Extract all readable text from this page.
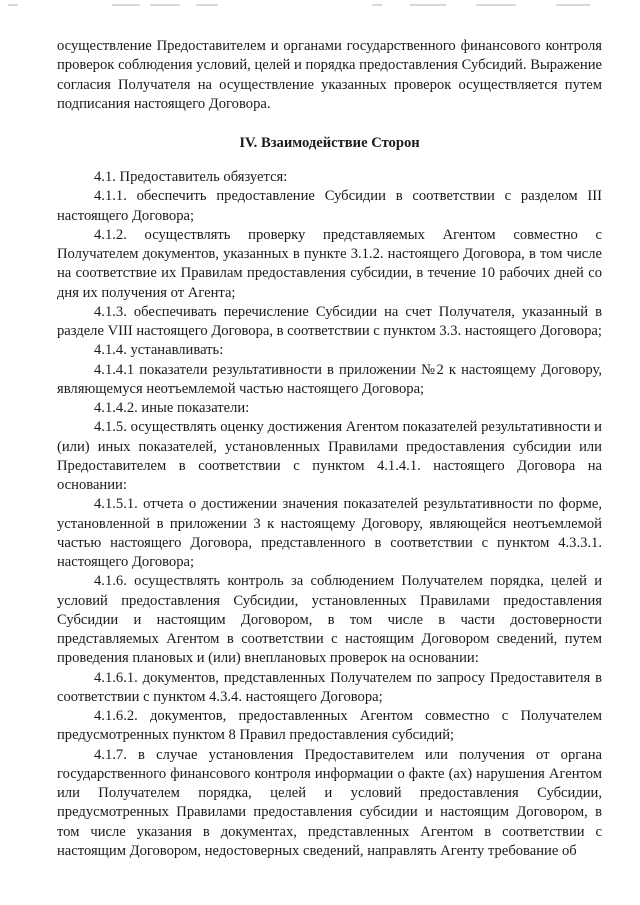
осуществление Предоставителем и органами государственного финансового контроля проверок соблюдения условий, целей и порядка предоставления Субсидий. Выражение согласия Получателя на осуществление указанных проверок осуществляется путем подписания настоящего Договора.

IV. Взаимодействие Сторон

4.1. Предоставитель обязуется:

4.1.1. обеспечить предоставление Субсидии в соответствии с разделом III настоящего Договора;

4.1.2. осуществлять проверку представляемых Агентом совместно с Получателем документов, указанных в пункте 3.1.2. настоящего Договора, в том числе на соответствие их Правилам предоставления субсидии, в течение 10 рабочих дней со дня их получения от Агента;

4.1.3. обеспечивать перечисление Субсидии на счет Получателя, указанный в разделе VIII настоящего Договора, в соответствии с пунктом 3.3. настоящего Договора;

4.1.4. устанавливать:

4.1.4.1 показатели результативности в приложении №2 к настоящему Договору, являющемуся неотъемлемой частью настоящего Договора;

4.1.4.2. иные показатели:

4.1.5. осуществлять оценку достижения Агентом показателей результативности и (или) иных показателей, установленных Правилами предоставления субсидии или Предоставителем в соответствии с пунктом 4.1.4.1. настоящего Договора на основании:

4.1.5.1. отчета о достижении значения показателей результативности по форме, установленной в приложении 3 к настоящему Договору, являющейся неотъемлемой частью настоящего Договора, представленного в соответствии с пунктом 4.3.3.1. настоящего Договора;

4.1.6. осуществлять контроль за соблюдением Получателем порядка, целей и условий предоставления Субсидии, установленных Правилами предоставления Субсидии и настоящим Договором, в том числе в части достоверности представляемых Агентом в соответствии с настоящим Договором сведений, путем проведения плановых и (или) внеплановых проверок на основании:

4.1.6.1. документов, представленных Получателем по запросу Предоставителя в соответствии с пунктом 4.3.4. настоящего Договора;

4.1.6.2. документов, предоставленных Агентом совместно с Получателем предусмотренных пунктом 8 Правил предоставления субсидий;

4.1.7. в случае установления Предоставителем или получения от органа государственного финансового контроля информации о факте (ах) нарушения Агентом или Получателем порядка, целей и условий предоставления Субсидии, предусмотренных Правилами предоставления субсидии и настоящим Договором, в том числе указания в документах, представленных Агентом в соответствии с настоящим Договором, недостоверных сведений, направлять Агенту требование об
